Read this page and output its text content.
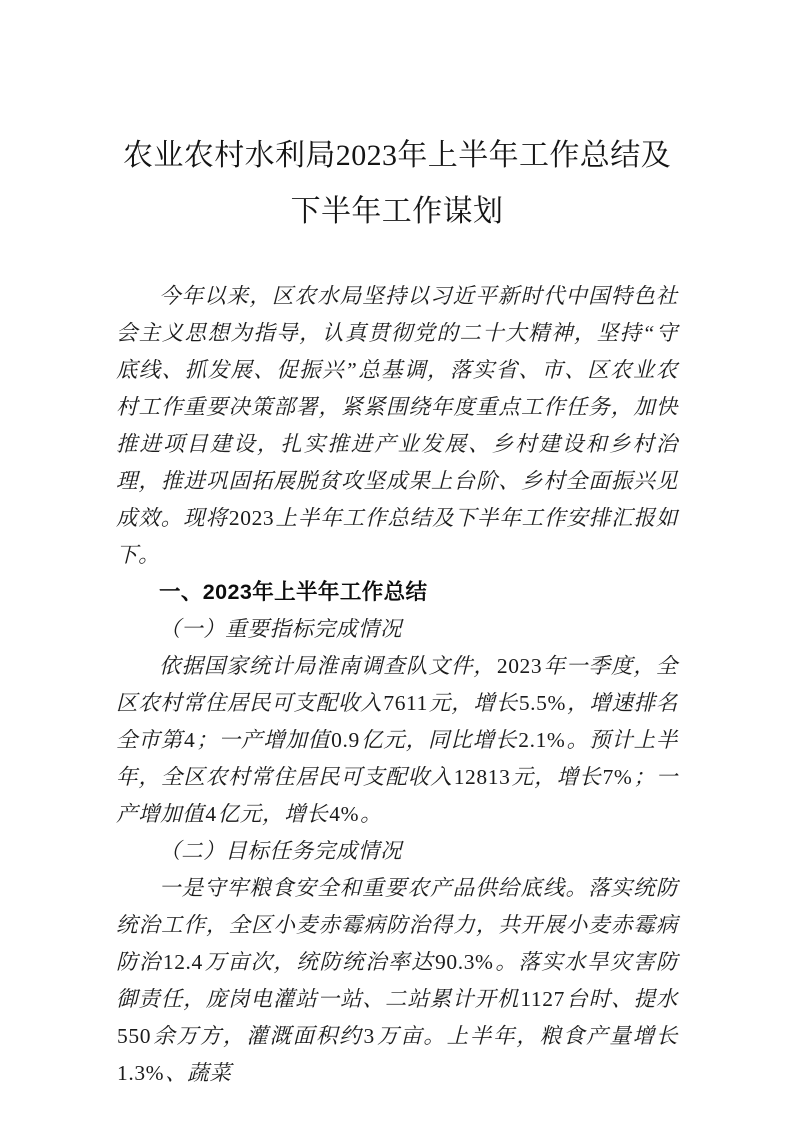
农业农村水利局2023年上半年工作总结及
下半年工作谋划

今年以来，区农水局坚持以习近平新时代中国特色社会主义思想为指导，认真贯彻党的二十大精神，坚持“守底线、抓发展、促振兴”总基调，落实省、市、区农业农村工作重要决策部署，紧紧围绕年度重点工作任务，加快推进项目建设，扎实推进产业发展、乡村建设和乡村治理，推进巩固拓展脱贫攻坚成果上台阶、乡村全面振兴见成效。现将2023上半年工作总结及下半年工作安排汇报如下。

一、2023年上半年工作总结

（一）重要指标完成情况

依据国家统计局淮南调查队文件，2023年一季度，全区农村常住居民可支配收入7611元，增长5.5%，增速排名全市第4；一产增加值0.9亿元，同比增长2.1%。预计上半年，全区农村常住居民可支配收入12813元，增长7%；一产增加值4亿元，增长4%。

（二）目标任务完成情况

一是守牢粮食安全和重要农产品供给底线。落实统防统治工作，全区小麦赤霉病防治得力，共开展小麦赤霉病防治12.4万亩次，统防统治率达90.3%。落实水旱灾害防御责任，庞岗电灌站一站、二站累计开机1127台时、提水550余万方，灌溉面积约3万亩。上半年，粮食产量增长1.3%、蔬菜
